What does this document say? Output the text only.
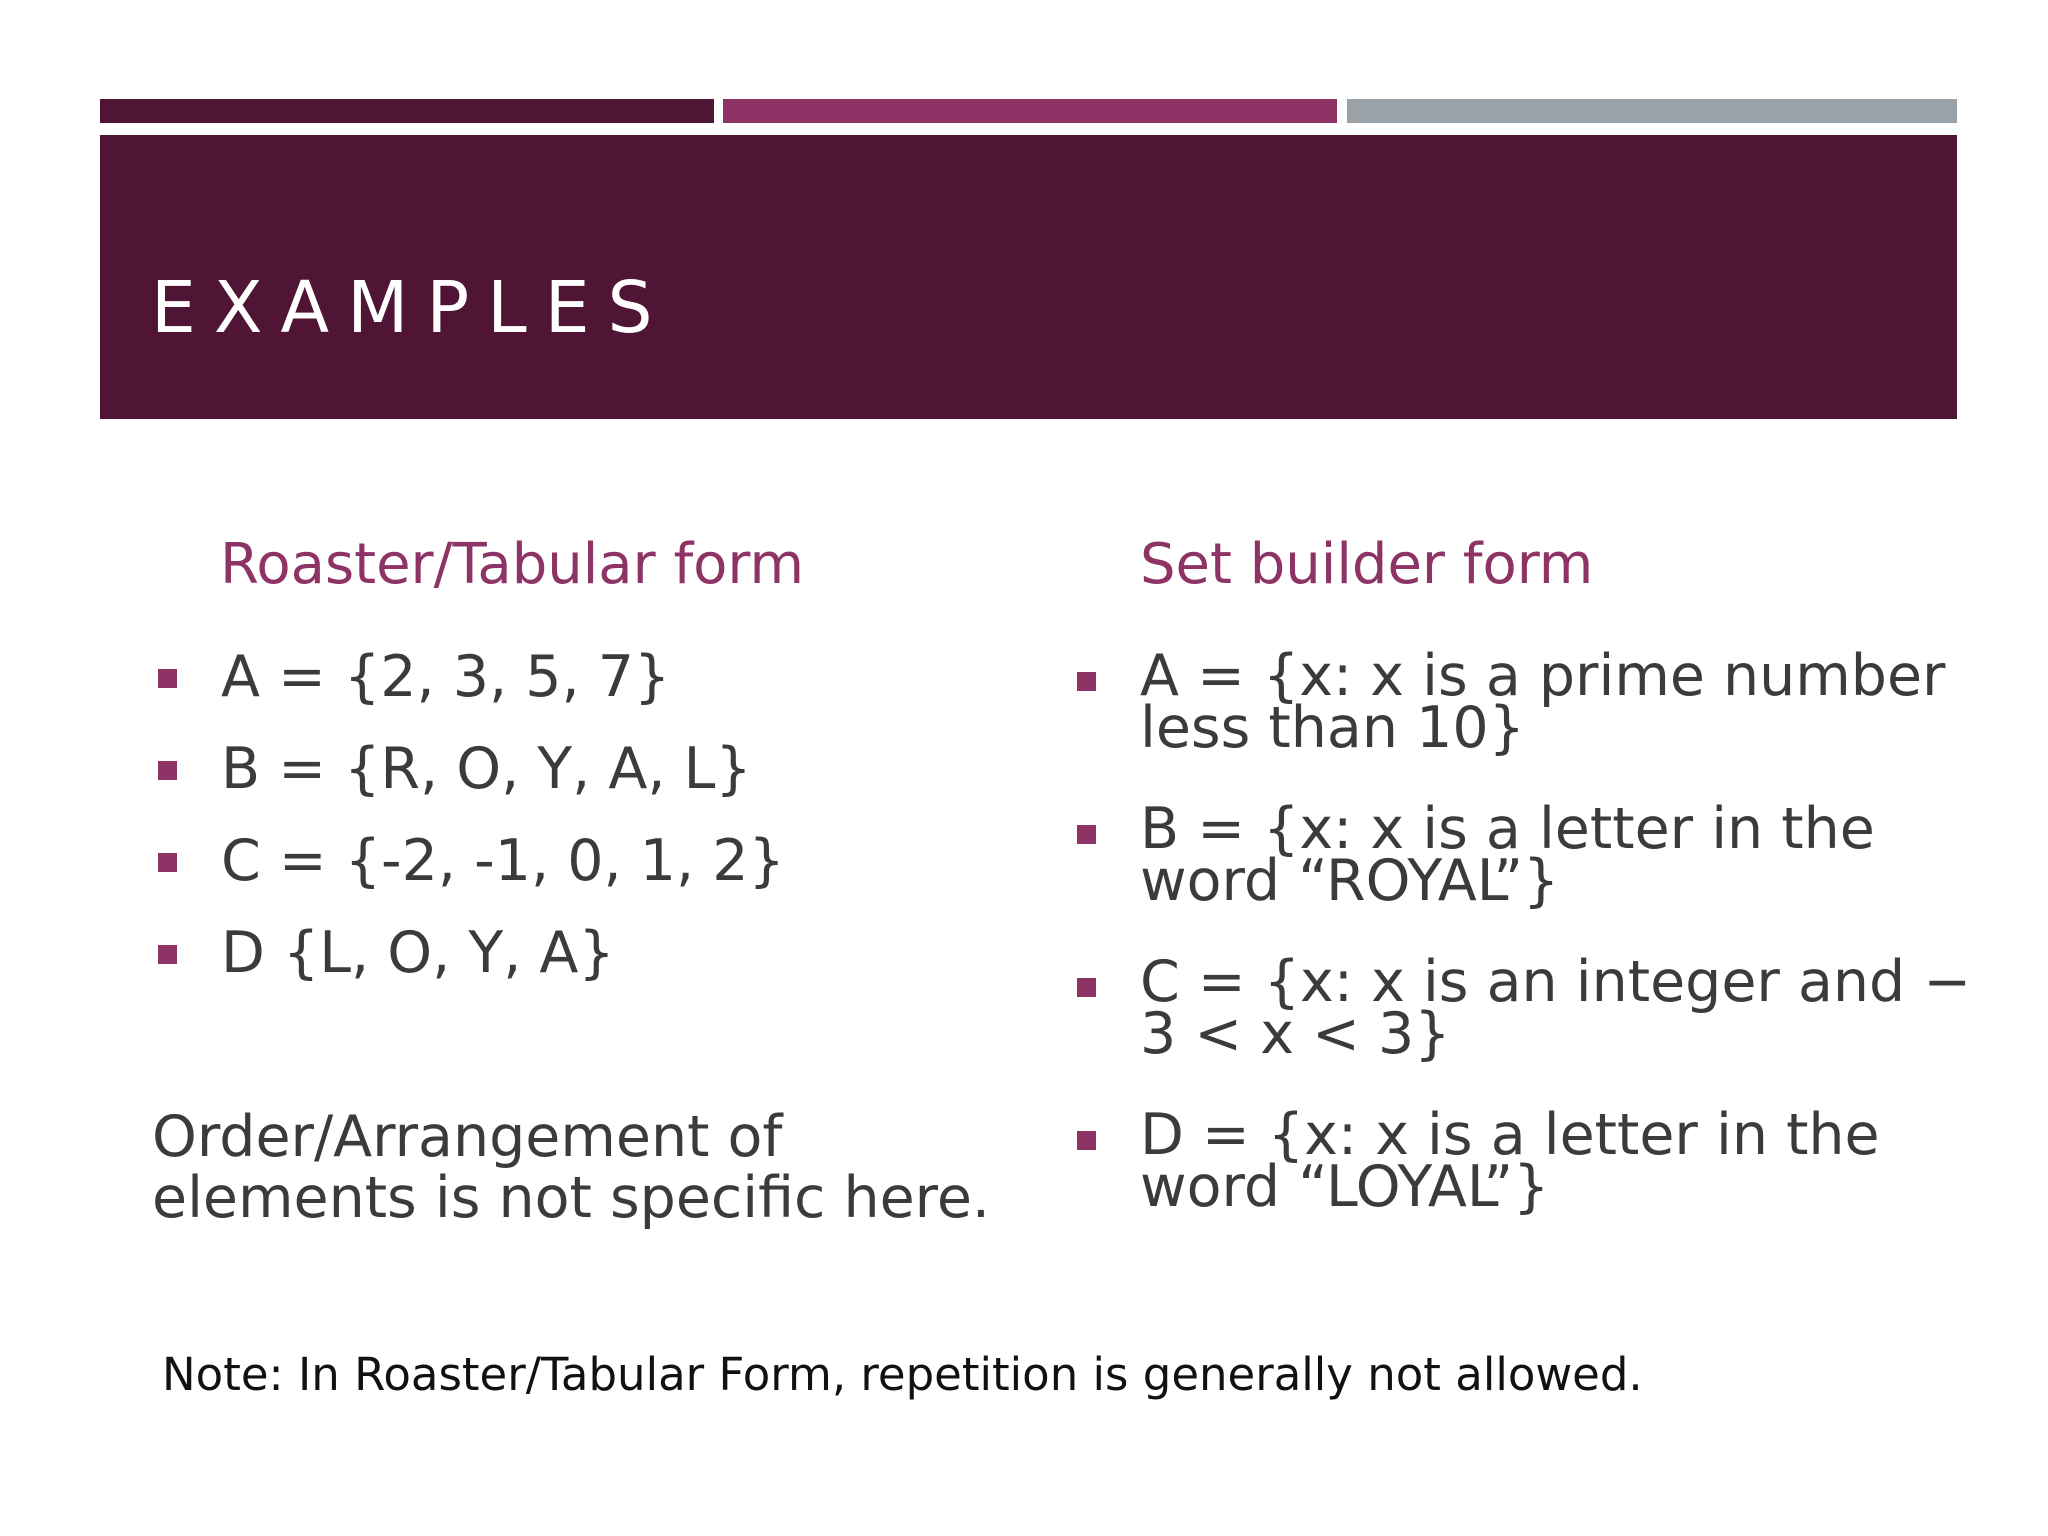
EXAMPLES
Roaster/Tabular form	Set builder form
A = {2, 3, 5, 7}
B = {R, O, Y, A, L}
C = {-2, -1, 0, 1, 2}
D {L, O, Y, A}
A = {x: x is a prime number less than 10}
B = {x: x is a letter in the word “ROYAL”}
C = {x: x is an integer and − 3 < x < 3}
D = {x: x is a letter in the word “LOYAL”}

Order/Arrangement of elements is not specific here.

Note: In Roaster/Tabular Form, repetition is generally not allowed.
